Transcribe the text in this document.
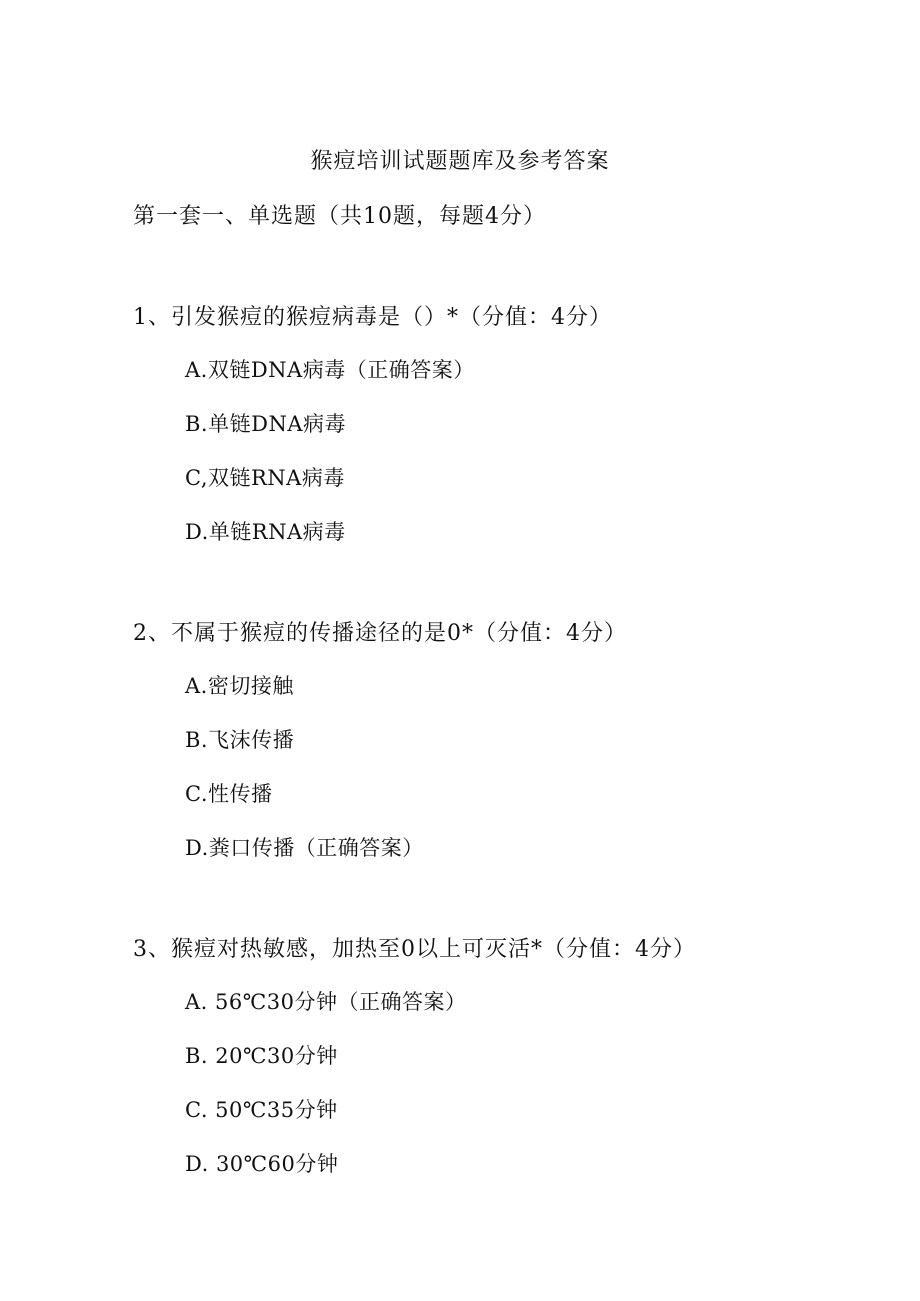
猴痘培训试题题库及参考答案
第一套一、单选题（共10题，每题4分）
1、引发猴痘的猴痘病毒是（）*（分值：4分）
A.双链DNA病毒（正确答案）
B.单链DNA病毒
C,双链RNA病毒
D.单链RNA病毒
2、不属于猴痘的传播途径的是0*（分值：4分）
A.密切接触
B.飞沫传播
C.性传播
D.粪口传播（正确答案）
3、猴痘对热敏感，加热至0以上可灭活*（分值：4分）
A. 56℃30分钟（正确答案）
B. 20℃30分钟
C. 50℃35分钟
D. 30℃60分钟
